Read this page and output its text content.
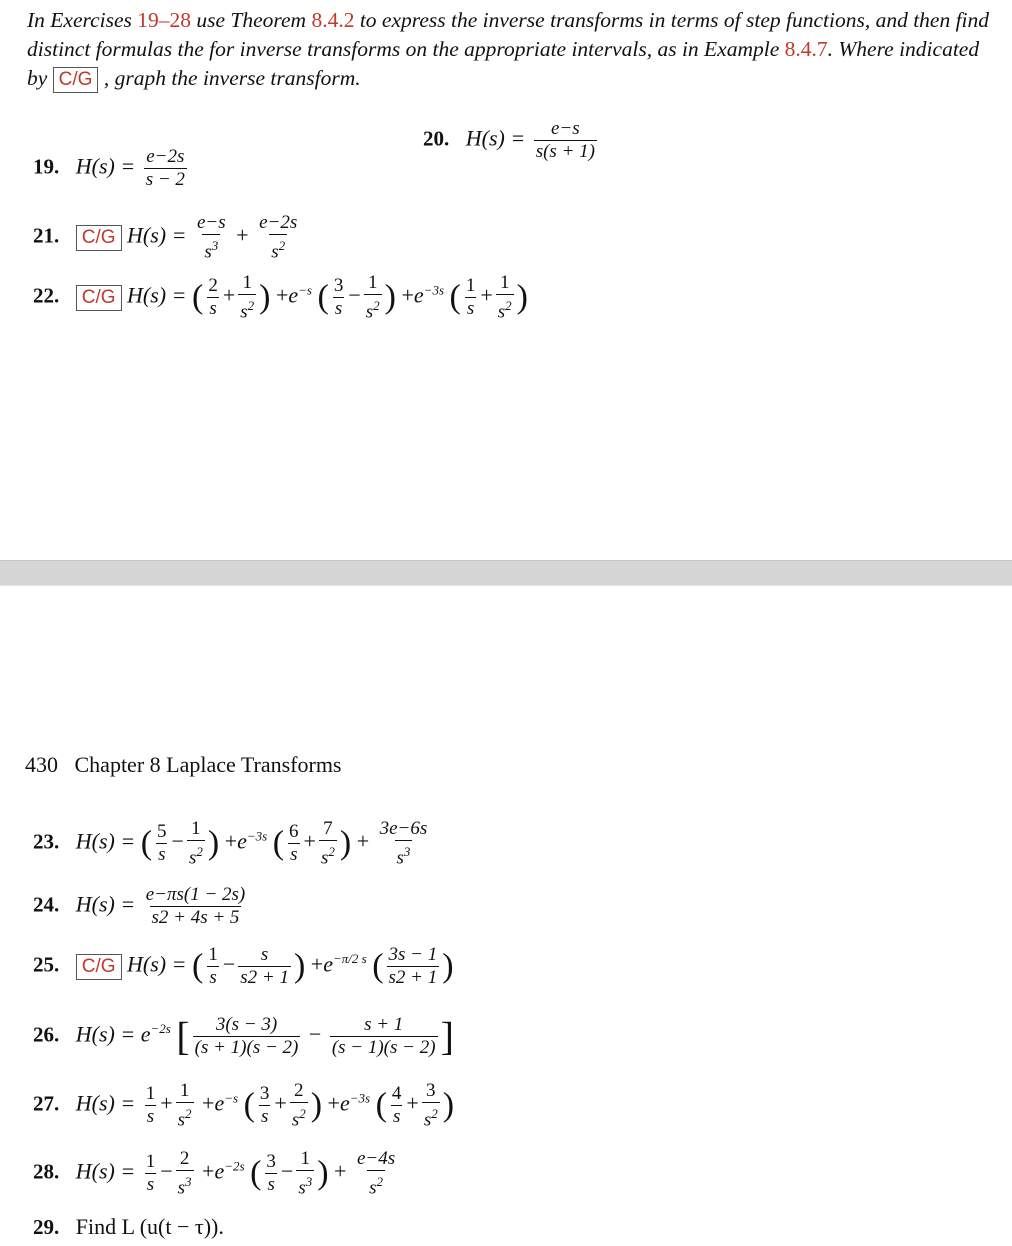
In Exercises 19–28 use Theorem 8.4.2 to express the inverse transforms in terms of step functions, and then find distinct formulas the for inverse transforms on the appropriate intervals, as in Example 8.4.7. Where indicated by C/G , graph the inverse transform.
19. $H(s) = \frac{e-2s}{s - 2}$
20. $H(s) = \frac{e-s}{s(s + 1)}$
21. C/G $H(s) = \frac{e-s}{s^3} + \frac{e-2s}{s^2}$
22. C/G H(s) = ( $\frac{2}{s} + \frac{1}{s^2}$ ) $+e^{-s}$ ( $\frac{3}{s} - \frac{1}{s^2}$ ) $+e^{-3s}$ ( $\frac{1}{s} + \frac{1}{s^2}$ )
430 Chapter 8 Laplace Transforms
23. H(s) = ( $\frac{5}{s} - \frac{1}{s^2}$ ) $+e^{-3s}$ ( $\frac{6}{s} + \frac{7}{s^2}$ ) + $\frac{3e-6s}{s^3}$
24. $H(s) = \frac{e-\pi s(1 - 2s)}{s2 + 4s + 5}$
25. C/G H(s) = ( $\frac{1}{s} - \frac{s}{s2 + 1}$ ) $+e^{-\pi/2 s}$ ( $\frac{3s - 1}{s2 + 1}$ )
26. $H(s) = e^{-2s}$ [ $\frac{3(s - 3)}{(s + 1)(s - 2)} - \frac{s + 1}{(s - 1)(s - 2)}$ ]
27. $H(s) = \frac{1}{s} + \frac{1}{s^2} +e^{-s}$ ( $\frac{3}{s} + \frac{2}{s^2}$ ) $+e^{-3s}$ ( $\frac{4}{s} + \frac{3}{s^2}$ )
28. $H(s) = \frac{1}{s} - \frac{2}{s^3} +e^{-2s}$ ( $\frac{3}{s} - \frac{1}{s^3}$ ) + $\frac{e-4s}{s^2}$
29. Find L (u(t − τ)).
